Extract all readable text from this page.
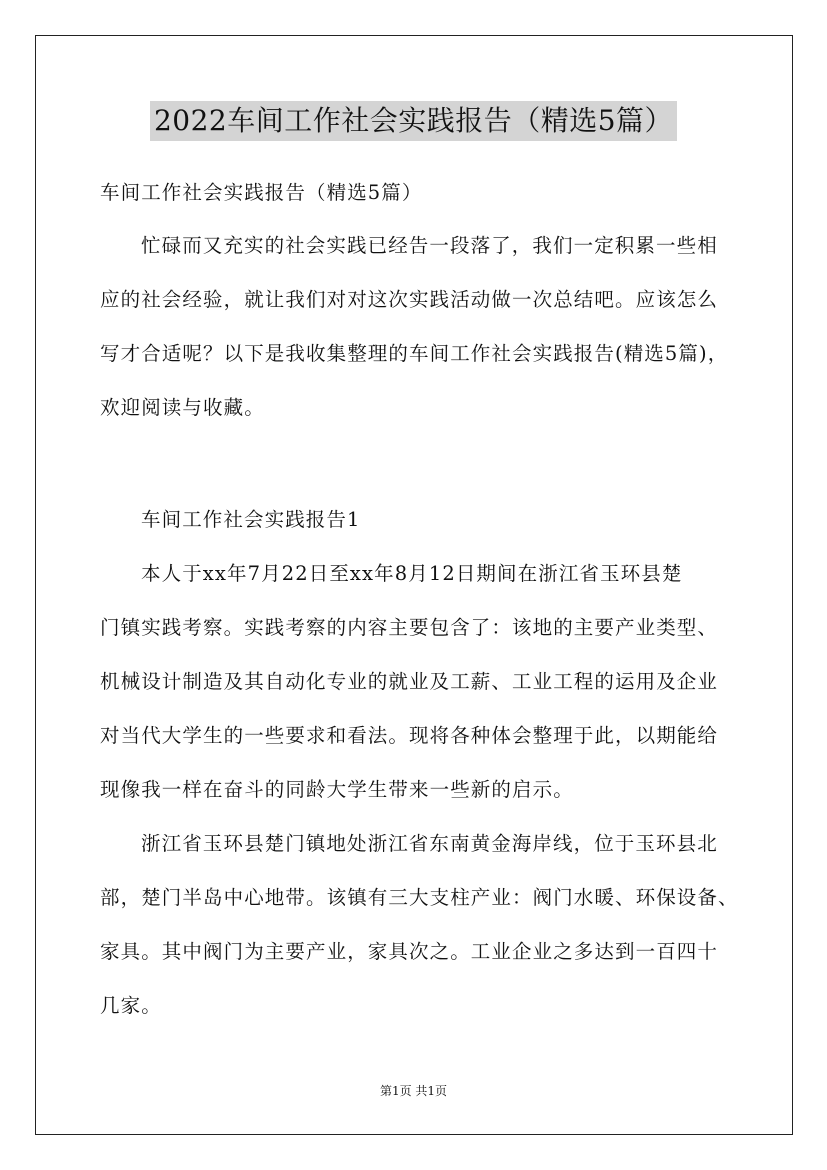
2022车间工作社会实践报告（精选5篇）
车间工作社会实践报告（精选5篇）
忙碌而又充实的社会实践已经告一段落了，我们一定积累一些相
应的社会经验，就让我们对对这次实践活动做一次总结吧。应该怎么
写才合适呢？以下是我收集整理的车间工作社会实践报告(精选5篇)，
欢迎阅读与收藏。
车间工作社会实践报告1
本人于xx年7月22日至xx年8月12日期间在浙江省玉环县楚
门镇实践考察。实践考察的内容主要包含了：该地的主要产业类型、
机械设计制造及其自动化专业的就业及工薪、工业工程的运用及企业
对当代大学生的一些要求和看法。现将各种体会整理于此，以期能给
现像我一样在奋斗的同龄大学生带来一些新的启示。
浙江省玉环县楚门镇地处浙江省东南黄金海岸线，位于玉环县北
部，楚门半岛中心地带。该镇有三大支柱产业：阀门水暖、环保设备、
家具。其中阀门为主要产业，家具次之。工业企业之多达到一百四十
几家。
第1页 共1页
